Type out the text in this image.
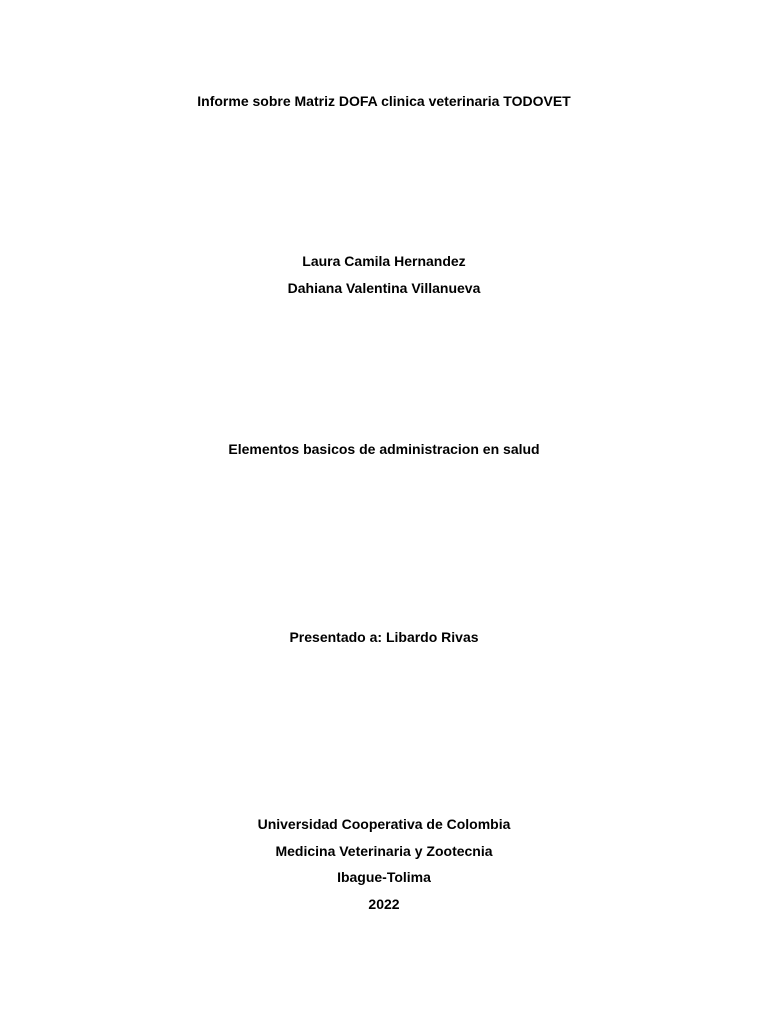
Informe sobre Matriz DOFA clinica veterinaria TODOVET
Laura Camila Hernandez
Dahiana Valentina Villanueva
Elementos basicos de administracion en salud
Presentado a: Libardo Rivas
Universidad Cooperativa de Colombia
Medicina Veterinaria y Zootecnia
Ibague-Tolima
2022
